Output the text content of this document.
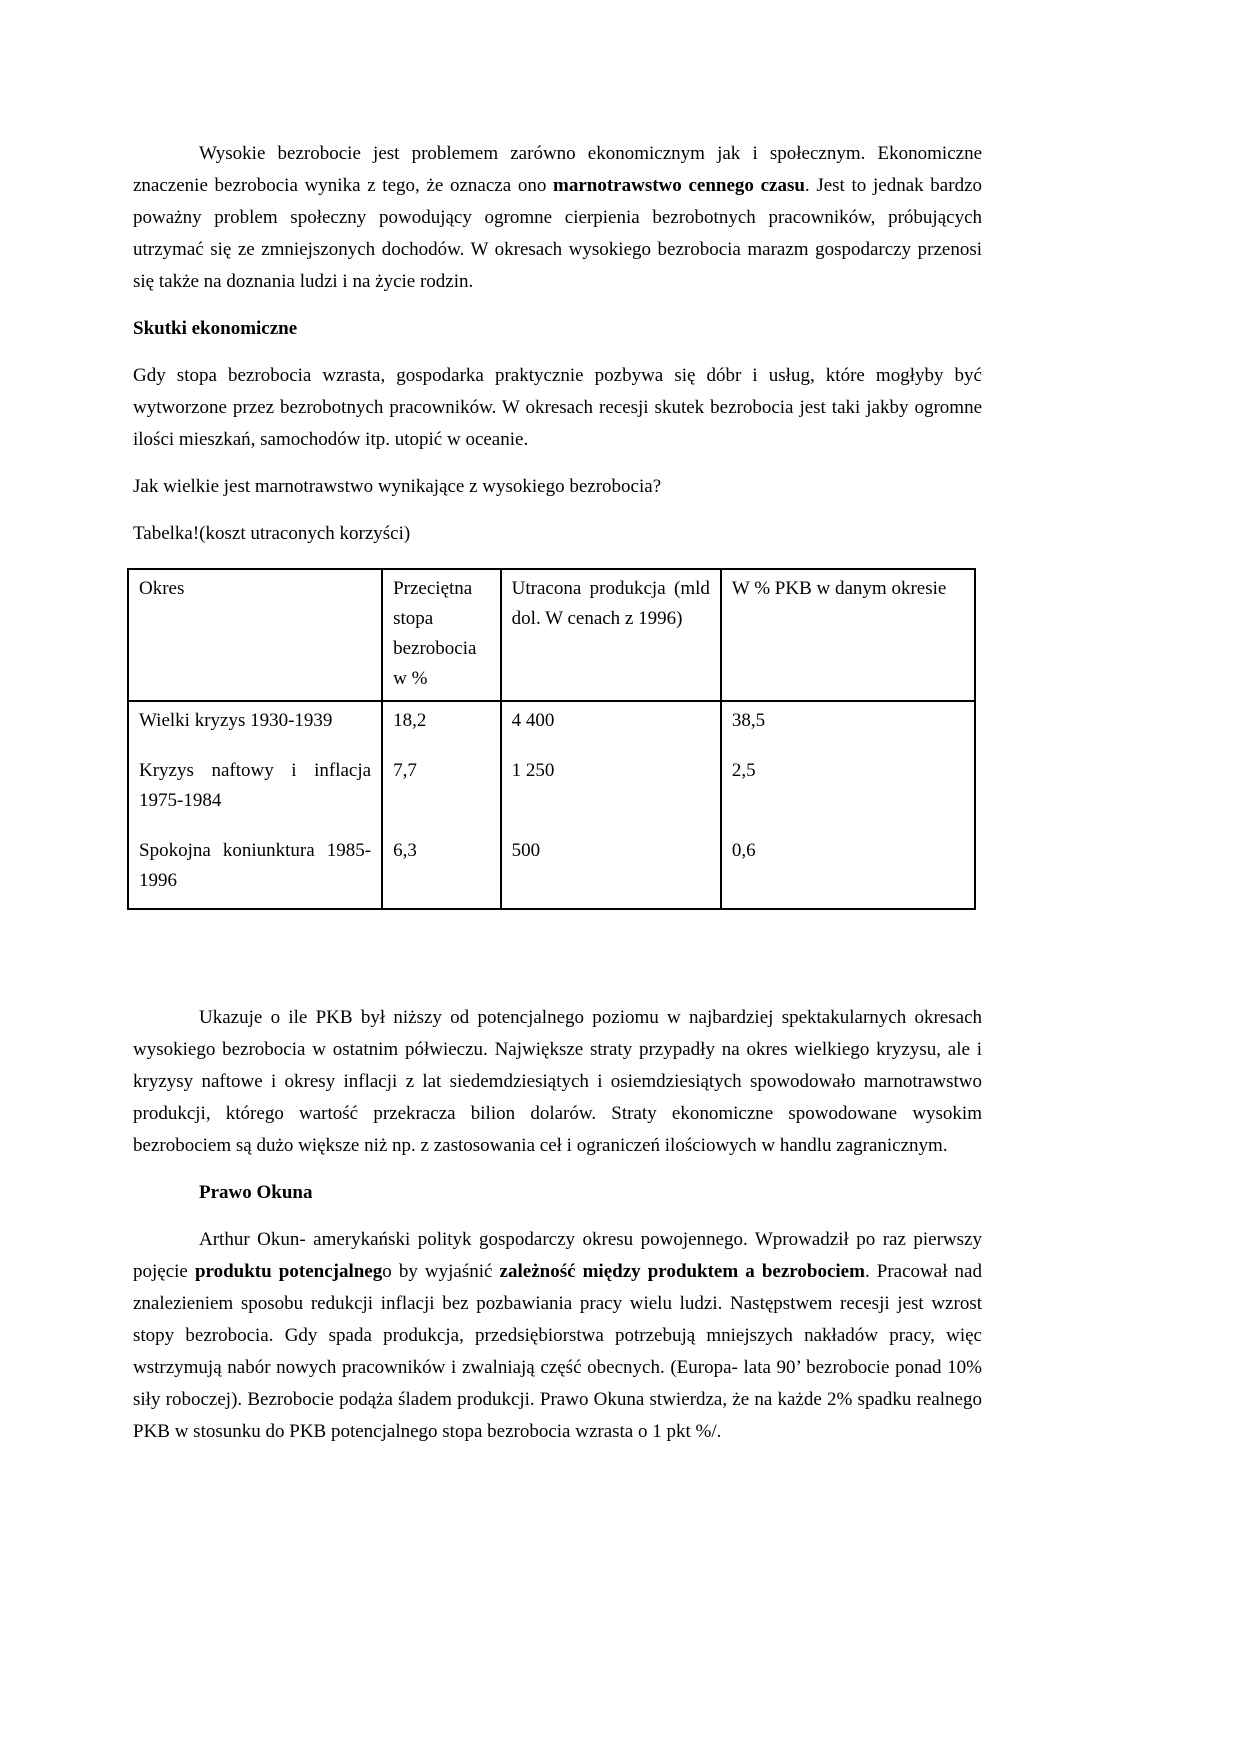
Wysokie bezrobocie jest problemem zarówno ekonomicznym jak i społecznym. Ekonomiczne znaczenie bezrobocia wynika z tego, że oznacza ono marnotrawstwo cennego czasu. Jest to jednak bardzo poważny problem społeczny powodujący ogromne cierpienia bezrobotnych pracowników, próbujących utrzymać się ze zmniejszonych dochodów. W okresach wysokiego bezrobocia marazm gospodarczy przenosi się także na doznania ludzi i na życie rodzin.

Skutki ekonomiczne

Gdy stopa bezrobocia wzrasta, gospodarka praktycznie pozbywa się dóbr i usług, które mogłyby być wytworzone przez bezrobotnych pracowników. W okresach recesji skutek bezrobocia jest taki jakby ogromne ilości mieszkań, samochodów itp. utopić w oceanie.

Jak wielkie jest marnotrawstwo wynikające z wysokiego bezrobocia?

Tabelka!(koszt utraconych korzyści)

Okres	Przeciętna stopa bezrobocia w %	Utracona produkcja (mld dol. W cenach z 1996)	W % PKB w danym okresie
Wielki kryzys 1930-1939	18,2	4 400	38,5
Kryzys naftowy i inflacja 1975-1984	7,7	1 250	2,5
Spokojna koniunktura 1985-1996	6,3	500	0,6

Ukazuje o ile PKB był niższy od potencjalnego poziomu w najbardziej spektakularnych okresach wysokiego bezrobocia w ostatnim półwieczu. Największe straty przypadły na okres wielkiego kryzysu, ale i kryzysy naftowe i okresy inflacji z lat siedemdziesiątych i osiemdziesiątych spowodowało marnotrawstwo produkcji, którego wartość przekracza bilion dolarów. Straty ekonomiczne spowodowane wysokim bezrobociem są dużo większe niż np. z zastosowania ceł i ograniczeń ilościowych w handlu zagranicznym.

Prawo Okuna

Arthur Okun- amerykański polityk gospodarczy okresu powojennego. Wprowadził po raz pierwszy pojęcie produktu potencjalnego by wyjaśnić zależność między produktem a bezrobociem. Pracował nad znalezieniem sposobu redukcji inflacji bez pozbawiania pracy wielu ludzi. Następstwem recesji jest wzrost stopy bezrobocia. Gdy spada produkcja, przedsiębiorstwa potrzebują mniejszych nakładów pracy, więc wstrzymują nabór nowych pracowników i zwalniają część obecnych. (Europa- lata 90’ bezrobocie ponad 10% siły roboczej). Bezrobocie podąża śladem produkcji. Prawo Okuna stwierdza, że na każde 2% spadku realnego PKB w stosunku do PKB potencjalnego stopa bezrobocia wzrasta o 1 pkt %/.
